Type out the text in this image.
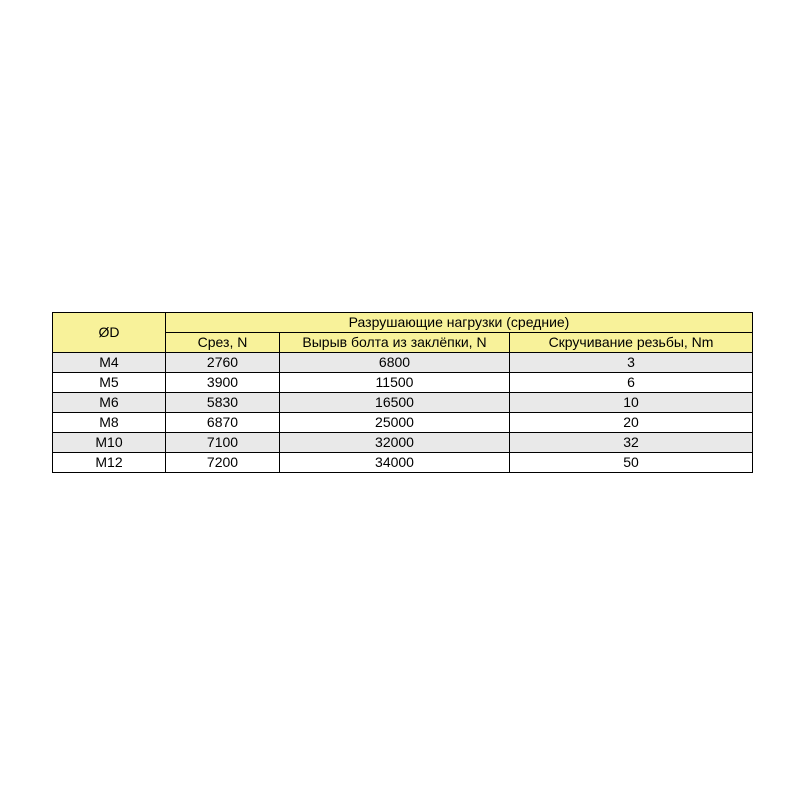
ØD	Разрушающие нагрузки (средние)		
	Срез, N	Вырыв болта из заклёпки, N	Скручивание резьбы, Nm
M4	2760	6800	3
M5	3900	11500	6
M6	5830	16500	10
M8	6870	25000	20
M10	7100	32000	32
M12	7200	34000	50
